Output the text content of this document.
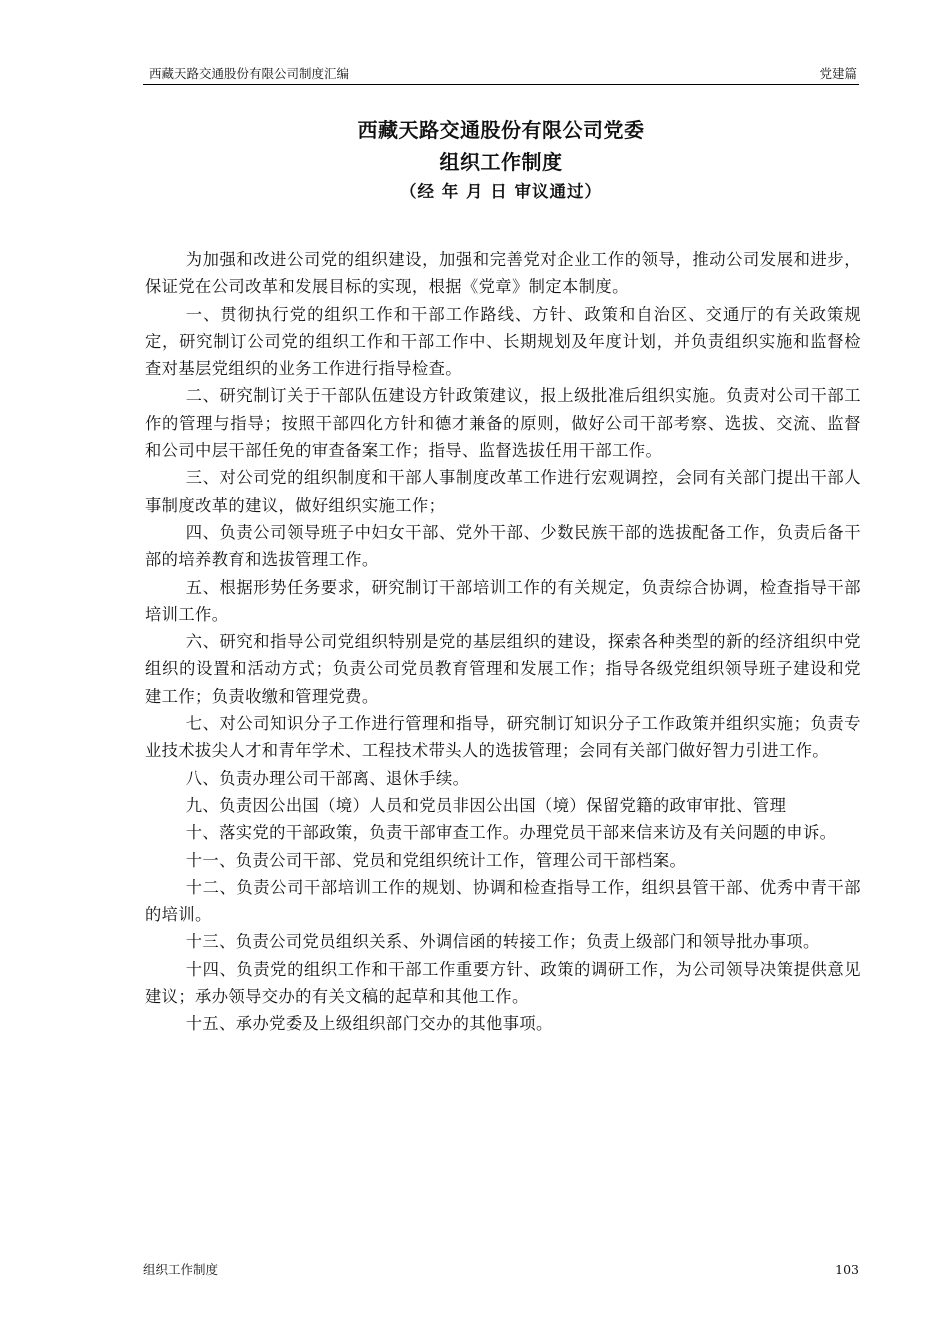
西藏天路交通股份有限公司制度汇编	党建篇
西藏天路交通股份有限公司党委
组织工作制度
（经 年 月 日 审议通过）

为加强和改进公司党的组织建设，加强和完善党对企业工作的领导，推动公司发展和进步，保证党在公司改革和发展目标的实现，根据《党章》制定本制度。

一、贯彻执行党的组织工作和干部工作路线、方针、政策和自治区、交通厅的有关政策规定，研究制订公司党的组织工作和干部工作中、长期规划及年度计划，并负责组织实施和监督检查对基层党组织的业务工作进行指导检查。

二、研究制订关于干部队伍建设方针政策建议，报上级批准后组织实施。负责对公司干部工作的管理与指导；按照干部四化方针和德才兼备的原则，做好公司干部考察、选拔、交流、监督和公司中层干部任免的审查备案工作；指导、监督选拔任用干部工作。

三、对公司党的组织制度和干部人事制度改革工作进行宏观调控，会同有关部门提出干部人事制度改革的建议，做好组织实施工作；

四、负责公司领导班子中妇女干部、党外干部、少数民族干部的选拔配备工作，负责后备干部的培养教育和选拔管理工作。

五、根据形势任务要求，研究制订干部培训工作的有关规定，负责综合协调，检查指导干部培训工作。

六、研究和指导公司党组织特别是党的基层组织的建设，探索各种类型的新的经济组织中党组织的设置和活动方式；负责公司党员教育管理和发展工作；指导各级党组织领导班子建设和党建工作；负责收缴和管理党费。

七、对公司知识分子工作进行管理和指导，研究制订知识分子工作政策并组织实施；负责专业技术拔尖人才和青年学术、工程技术带头人的选拔管理；会同有关部门做好智力引进工作。

八、负责办理公司干部离、退休手续。

九、负责因公出国（境）人员和党员非因公出国（境）保留党籍的政审审批、管理

十、落实党的干部政策，负责干部审查工作。办理党员干部来信来访及有关问题的申诉。

十一、负责公司干部、党员和党组织统计工作，管理公司干部档案。

十二、负责公司干部培训工作的规划、协调和检查指导工作，组织县管干部、优秀中青干部的培训。

十三、负责公司党员组织关系、外调信函的转接工作；负责上级部门和领导批办事项。

十四、负责党的组织工作和干部工作重要方针、政策的调研工作，为公司领导决策提供意见建议；承办领导交办的有关文稿的起草和其他工作。

十五、承办党委及上级组织部门交办的其他事项。

组织工作制度	103
